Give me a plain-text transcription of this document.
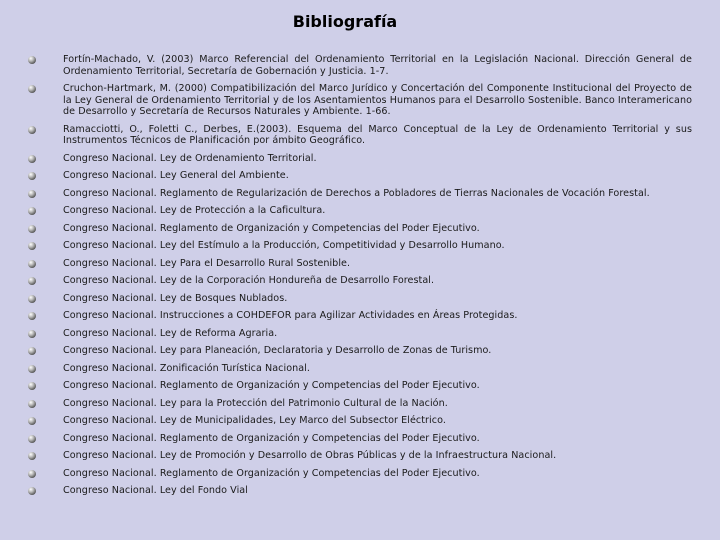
Bibliografía
Fortín-Machado, V. (2003) Marco Referencial del Ordenamiento Territorial en la Legislación Nacional. Dirección General de Ordenamiento Territorial, Secretaría de Gobernación y Justicia. 1-7.
Cruchon-Hartmark, M. (2000) Compatibilización del Marco Jurídico y Concertación del Componente Institucional del Proyecto de la Ley General de Ordenamiento Territorial y de los Asentamientos Humanos para el Desarrollo Sostenible. Banco Interamericano de Desarrollo y Secretaría de Recursos Naturales y Ambiente. 1-66.
Ramacciotti, O., Foletti C., Derbes, E.(2003). Esquema del Marco Conceptual de la Ley de Ordenamiento Territorial y sus Instrumentos Técnicos de Planificación por ámbito Geográfico.
Congreso Nacional. Ley de Ordenamiento Territorial.
Congreso Nacional. Ley General del Ambiente.
Congreso Nacional. Reglamento de Regularización de Derechos a Pobladores de Tierras Nacionales de Vocación Forestal.
Congreso Nacional. Ley de Protección a la Caficultura.
Congreso Nacional. Reglamento de Organización y Competencias del Poder Ejecutivo.
Congreso Nacional. Ley del Estímulo a la Producción, Competitividad y Desarrollo Humano.
Congreso Nacional. Ley Para el Desarrollo Rural Sostenible.
Congreso Nacional. Ley de la Corporación Hondureña de Desarrollo Forestal.
Congreso Nacional. Ley de Bosques Nublados.
Congreso Nacional. Instrucciones a COHDEFOR para Agilizar Actividades en Áreas Protegidas.
Congreso Nacional. Ley de Reforma Agraria.
Congreso Nacional. Ley para Planeación, Declaratoria y Desarrollo de Zonas de Turismo.
Congreso Nacional. Zonificación Turística Nacional.
Congreso Nacional. Reglamento de Organización y Competencias del Poder Ejecutivo.
Congreso Nacional. Ley para la Protección del Patrimonio Cultural de la Nación.
Congreso Nacional. Ley de Municipalidades, Ley Marco del Subsector Eléctrico.
Congreso Nacional. Reglamento de Organización y Competencias del Poder Ejecutivo.
Congreso Nacional. Ley de Promoción y Desarrollo de Obras Públicas y de la Infraestructura Nacional.
Congreso Nacional. Reglamento de Organización y Competencias del Poder Ejecutivo.
Congreso Nacional. Ley del Fondo Vial
